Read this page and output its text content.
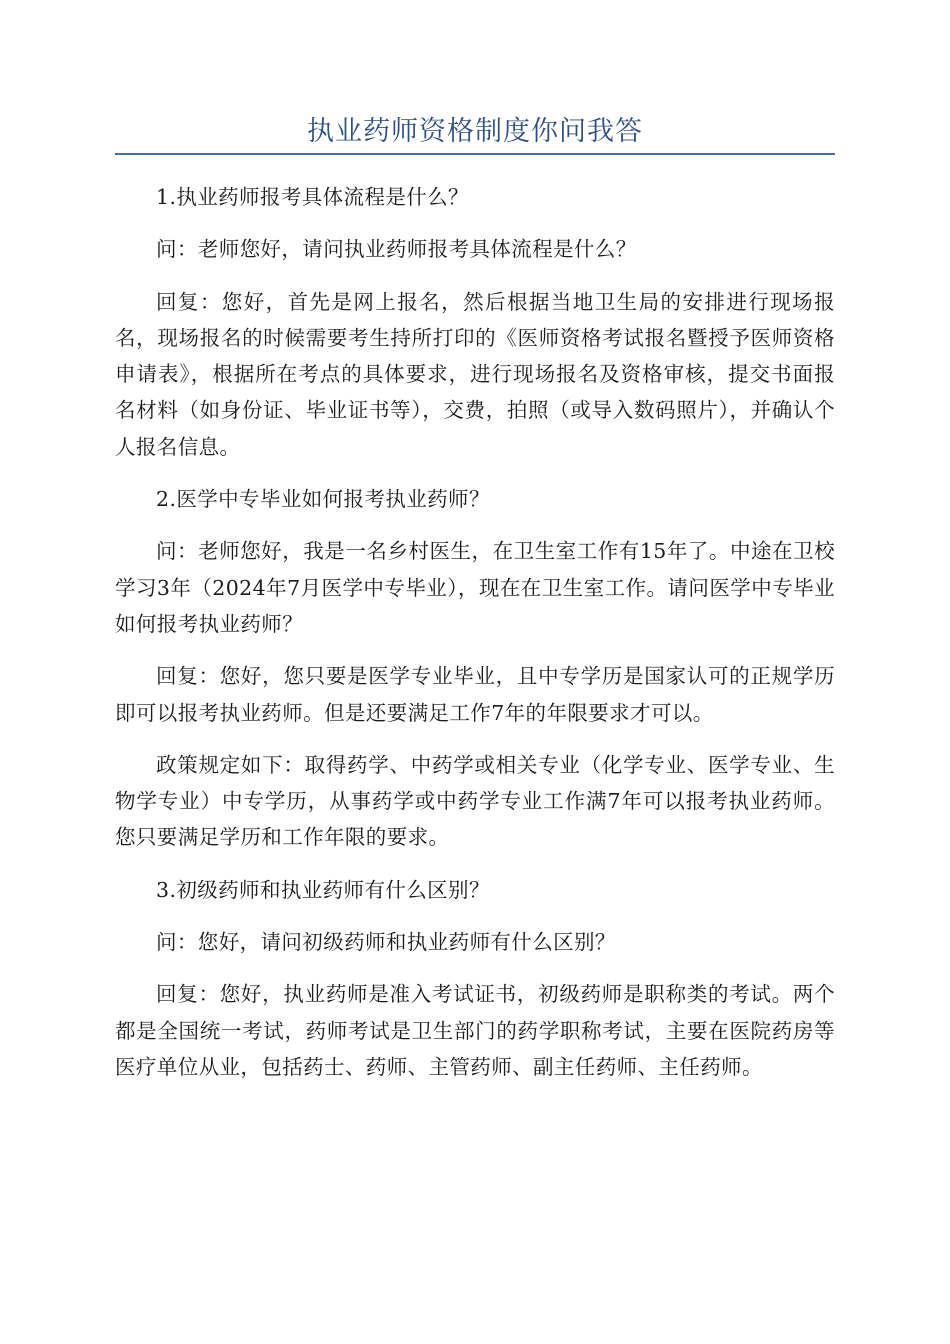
执业药师资格制度你问我答

1.执业药师报考具体流程是什么？

问：老师您好，请问执业药师报考具体流程是什么？

回复：您好，首先是网上报名，然后根据当地卫生局的安排进行现场报名，现场报名的时候需要考生持所打印的《医师资格考试报名暨授予医师资格申请表》，根据所在考点的具体要求，进行现场报名及资格审核，提交书面报名材料（如身份证、毕业证书等），交费，拍照（或导入数码照片），并确认个人报名信息。

2.医学中专毕业如何报考执业药师？

问：老师您好，我是一名乡村医生，在卫生室工作有15年了。中途在卫校学习3年（2024年7月医学中专毕业），现在在卫生室工作。请问医学中专毕业如何报考执业药师？

回复：您好，您只要是医学专业毕业，且中专学历是国家认可的正规学历即可以报考执业药师。但是还要满足工作7年的年限要求才可以。

政策规定如下：取得药学、中药学或相关专业（化学专业、医学专业、生物学专业）中专学历，从事药学或中药学专业工作满7年可以报考执业药师。您只要满足学历和工作年限的要求。

3.初级药师和执业药师有什么区别？

问：您好，请问初级药师和执业药师有什么区别？

回复：您好，执业药师是准入考试证书，初级药师是职称类的考试。两个都是全国统一考试，药师考试是卫生部门的药学职称考试，主要在医院药房等医疗单位从业，包括药士、药师、主管药师、副主任药师、主任药师。
